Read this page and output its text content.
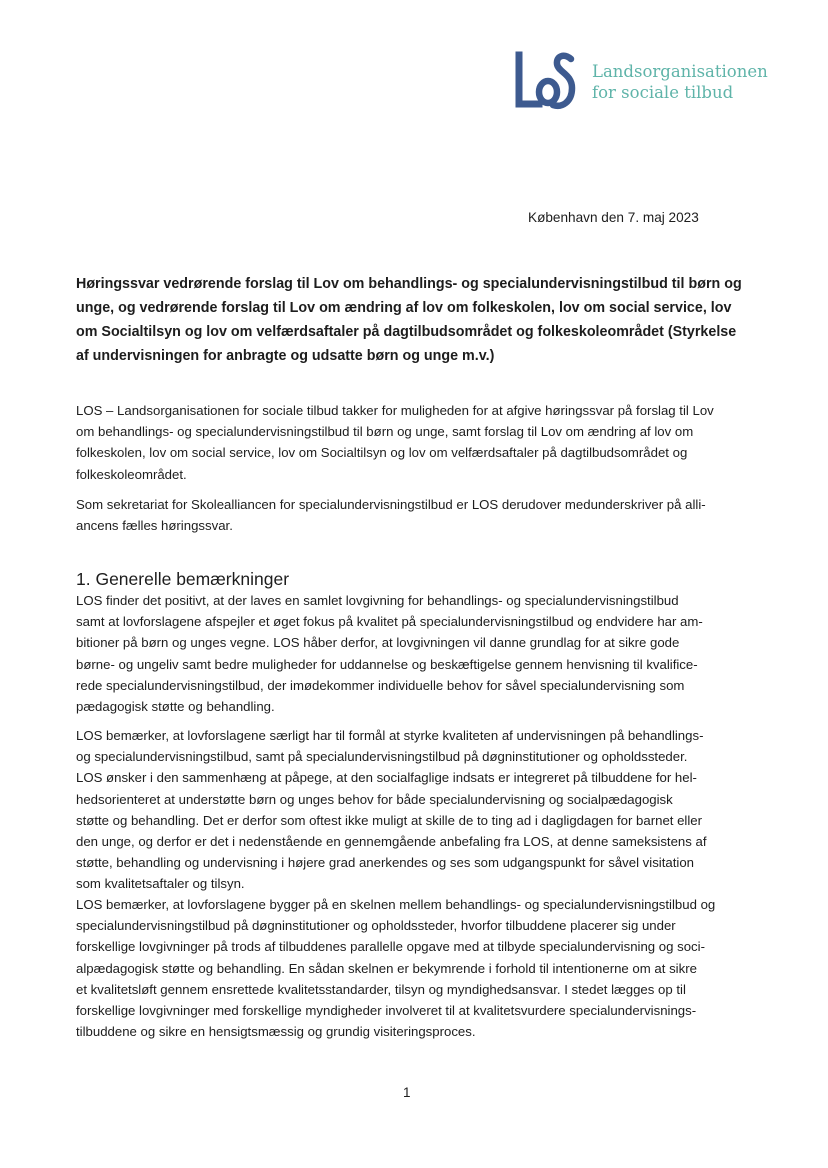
Landsorganisationen
for sociale tilbud
København den 7. maj 2023
Høringssvar vedrørende forslag til Lov om behandlings- og specialundervisningstilbud til børn og
unge, og vedrørende forslag til Lov om ændring af lov om folkeskolen, lov om social service, lov
om Socialtilsyn og lov om velfærdsaftaler på dagtilbudsområdet og folkeskoleområdet (Styrkelse
af undervisningen for anbragte og udsatte børn og unge m.v.)
LOS – Landsorganisationen for sociale tilbud takker for muligheden for at afgive høringssvar på forslag til Lov
om behandlings- og specialundervisningstilbud til børn og unge, samt forslag til Lov om ændring af lov om
folkeskolen, lov om social service, lov om Socialtilsyn og lov om velfærdsaftaler på dagtilbudsområdet og
folkeskoleområdet.
Som sekretariat for Skolealliancen for specialundervisningstilbud er LOS derudover medunderskriver på alli-
ancens fælles høringssvar.
1. Generelle bemærkninger
LOS finder det positivt, at der laves en samlet lovgivning for behandlings- og specialundervisningstilbud
samt at lovforslagene afspejler et øget fokus på kvalitet på specialundervisningstilbud og endvidere har am-
bitioner på børn og unges vegne. LOS håber derfor, at lovgivningen vil danne grundlag for at sikre gode
børne- og ungeliv samt bedre muligheder for uddannelse og beskæftigelse gennem henvisning til kvalifice-
rede specialundervisningstilbud, der imødekommer individuelle behov for såvel specialundervisning som
pædagogisk støtte og behandling.
LOS bemærker, at lovforslagene særligt har til formål at styrke kvaliteten af undervisningen på behandlings-
og specialundervisningstilbud, samt på specialundervisningstilbud på døgninstitutioner og opholdssteder.
LOS ønsker i den sammenhæng at påpege, at den socialfaglige indsats er integreret på tilbuddene for hel-
hedsorienteret at understøtte børn og unges behov for både specialundervisning og socialpædagogisk
støtte og behandling. Det er derfor som oftest ikke muligt at skille de to ting ad i dagligdagen for barnet eller
den unge, og derfor er det i nedenstående en gennemgående anbefaling fra LOS, at denne sameksistens af
støtte, behandling og undervisning i højere grad anerkendes og ses som udgangspunkt for såvel visitation
som kvalitetsaftaler og tilsyn.
LOS bemærker, at lovforslagene bygger på en skelnen mellem behandlings- og specialundervisningstilbud og
specialundervisningstilbud på døgninstitutioner og opholdssteder, hvorfor tilbuddene placerer sig under
forskellige lovgivninger på trods af tilbuddenes parallelle opgave med at tilbyde specialundervisning og soci-
alpædagogisk støtte og behandling. En sådan skelnen er bekymrende i forhold til intentionerne om at sikre
et kvalitetsløft gennem ensrettede kvalitetsstandarder, tilsyn og myndighedsansvar. I stedet lægges op til
forskellige lovgivninger med forskellige myndigheder involveret til at kvalitetsvurdere specialundervisnings-
tilbuddene og sikre en hensigtsmæssig og grundig visiteringsproces.
1
